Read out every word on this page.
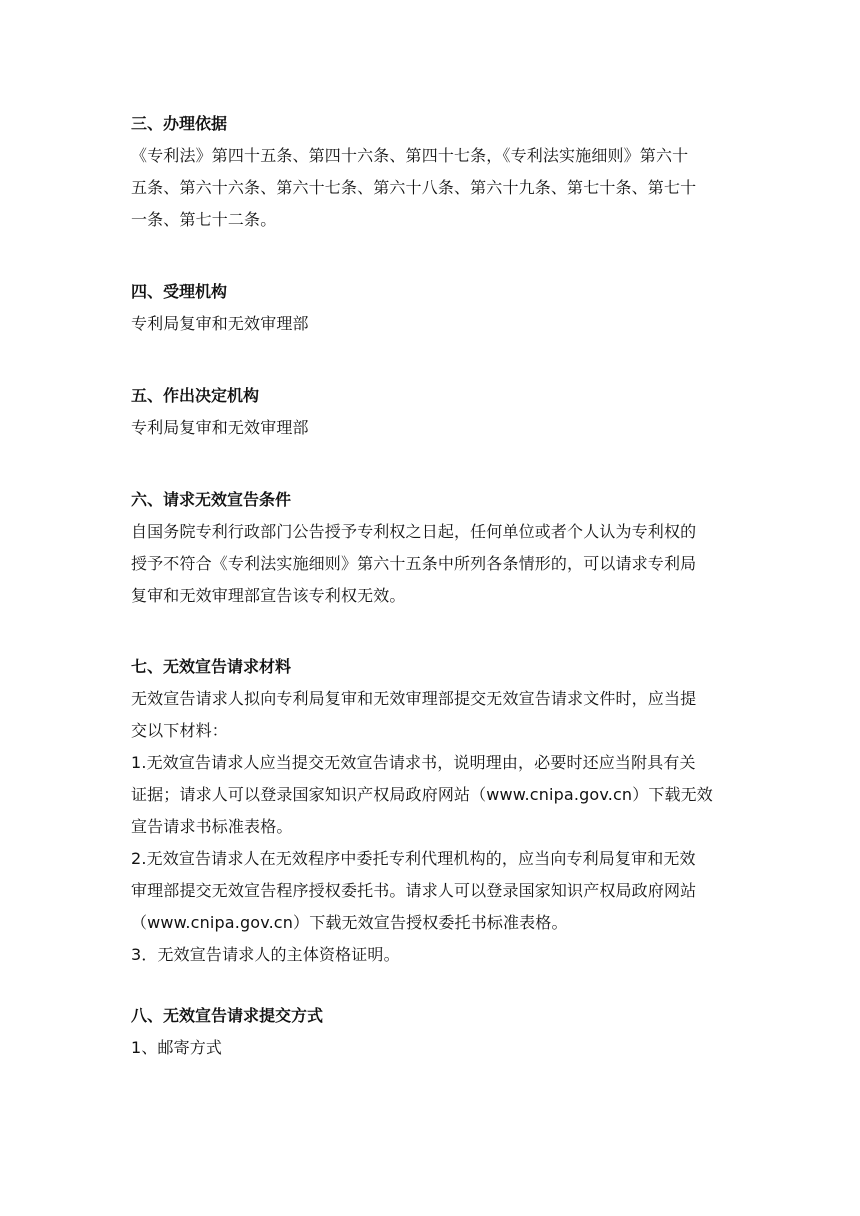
三、办理依据
《专利法》第四十五条、第四十六条、第四十七条，《专利法实施细则》第六十
五条、第六十六条、第六十七条、第六十八条、第六十九条、第七十条、第七十
一条、第七十二条。
四、受理机构
专利局复审和无效审理部
五、作出决定机构
专利局复审和无效审理部
六、请求无效宣告条件
自国务院专利行政部门公告授予专利权之日起，任何单位或者个人认为专利权的
授予不符合《专利法实施细则》第六十五条中所列各条情形的，可以请求专利局
复审和无效审理部宣告该专利权无效。
七、无效宣告请求材料
无效宣告请求人拟向专利局复审和无效审理部提交无效宣告请求文件时，应当提
交以下材料：
1.无效宣告请求人应当提交无效宣告请求书，说明理由，必要时还应当附具有关
证据；请求人可以登录国家知识产权局政府网站（www.cnipa.gov.cn）下载无效
宣告请求书标准表格。
2.无效宣告请求人在无效程序中委托专利代理机构的，应当向专利局复审和无效
审理部提交无效宣告程序授权委托书。请求人可以登录国家知识产权局政府网站
（www.cnipa.gov.cn）下载无效宣告授权委托书标准表格。
3．无效宣告请求人的主体资格证明。
八、无效宣告请求提交方式
1、邮寄方式
